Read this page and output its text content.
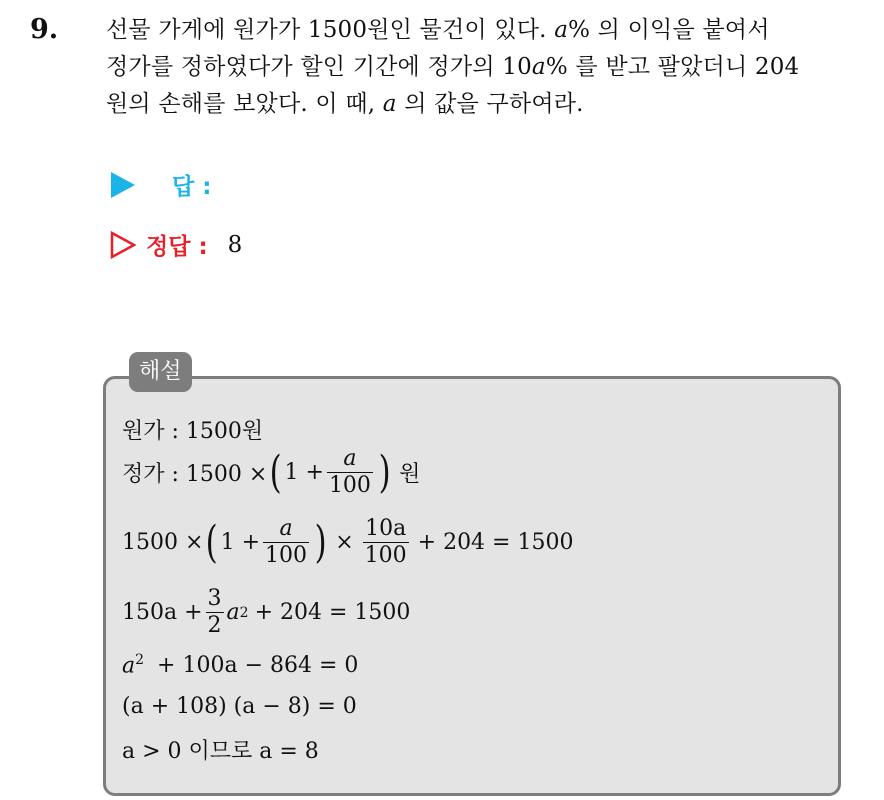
9. 선물 가게에 원가가 1500원인 물건이 있다. a% 의 이익을 붙여서
정가를 정하였다가 할인 기간에 정가의 10a% 를 받고 팔았더니 204
원의 손해를 보았다. 이 때, a 의 값을 구하여라.
답 :
정답 : 8
해설
원가 : 1500원
정가 : 1500 × ( $1 + \frac{a}{100}$ ) 원
1500 × ( $1 + \frac{a}{100}$ ) × $\frac{10a}{100} + 204 = 1500$
$150a + \frac{3}{2}$ a 2 + 204 = 1500
$a^2 + 100a - 864 = 0$
(a + 108) (a − 8) = 0
a > 0 이므로 a = 8
